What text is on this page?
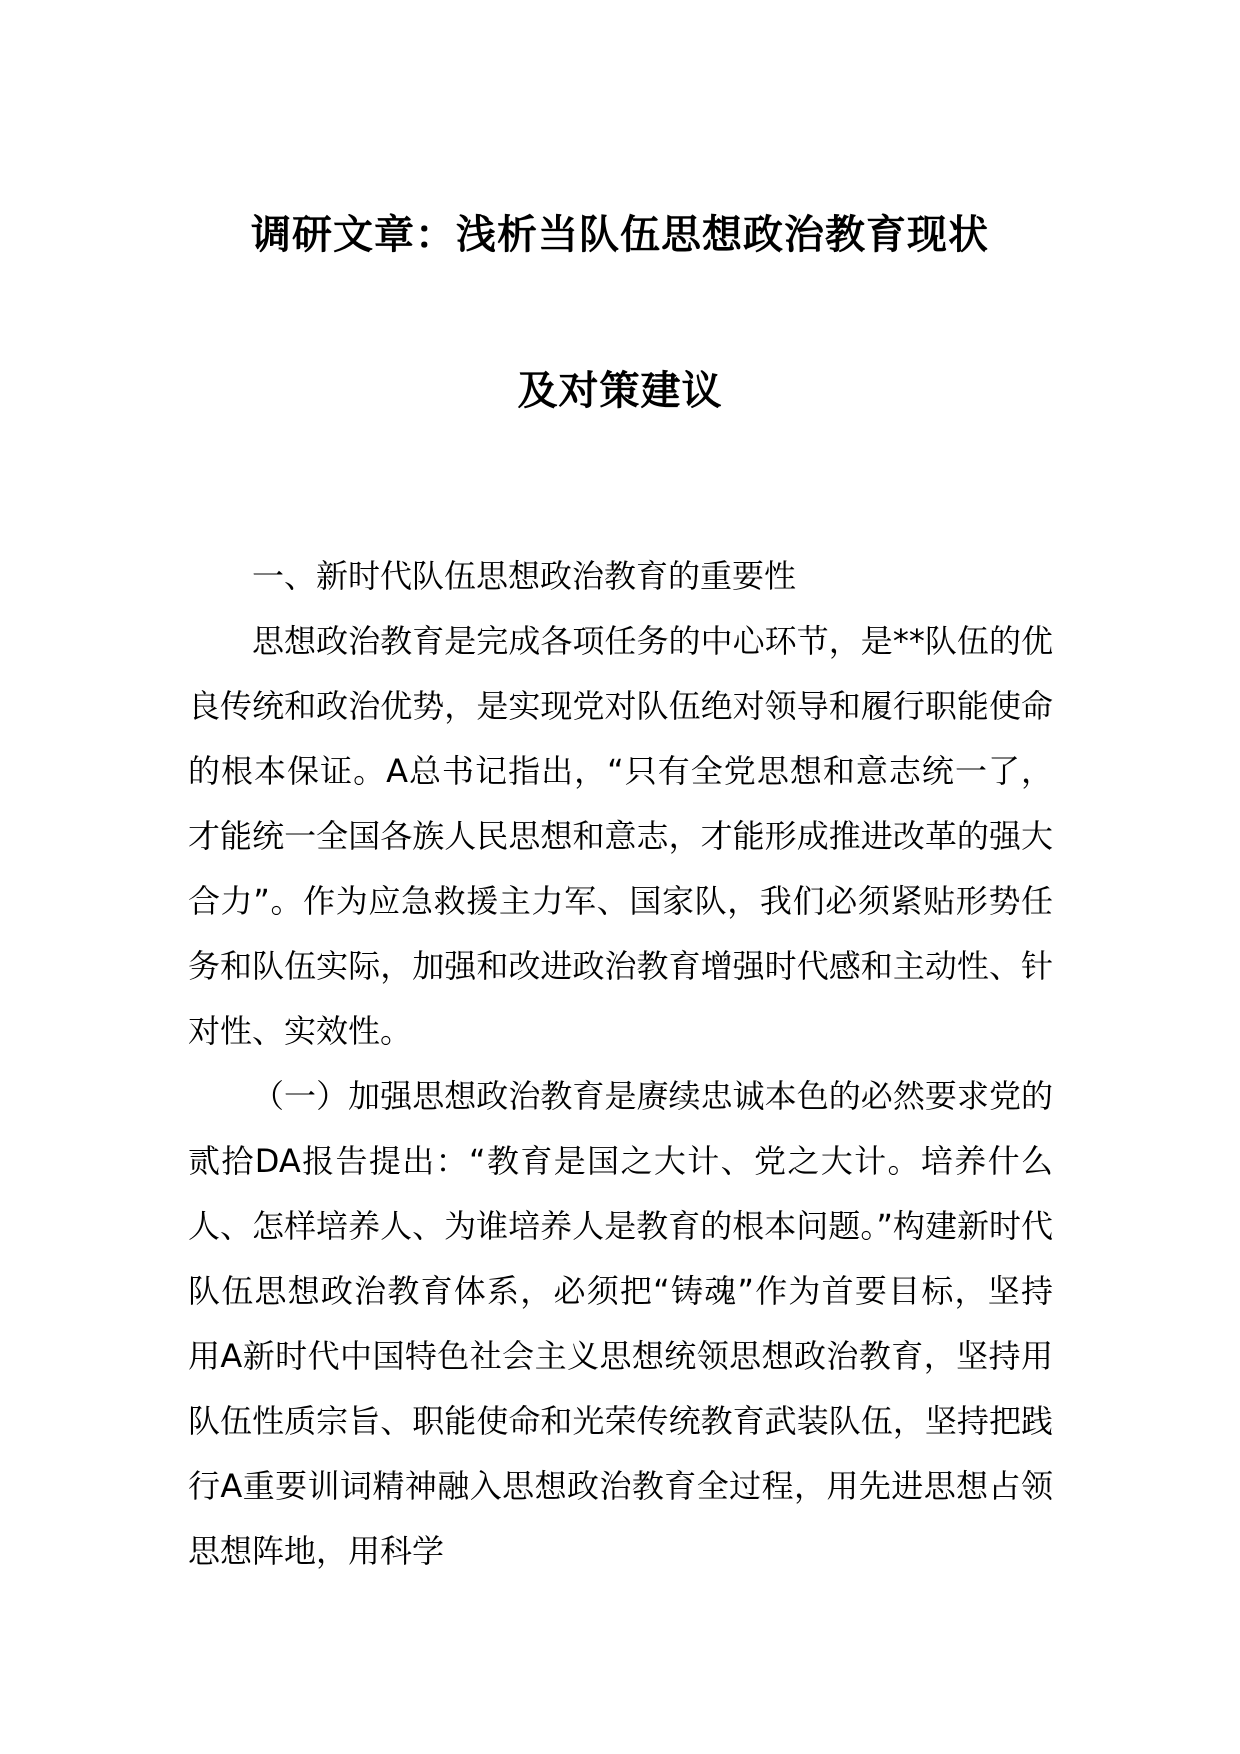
调研文章：浅析当队伍思想政治教育现状
及对策建议

一、新时代队伍思想政治教育的重要性

思想政治教育是完成各项任务的中心环节，是**队伍的优良传统和政治优势，是实现党对队伍绝对领导和履行职能使命的根本保证。A总书记指出，“只有全党思想和意志统一了，才能统一全国各族人民思想和意志，才能形成推进改革的强大合力”。作为应急救援主力军、国家队，我们必须紧贴形势任务和队伍实际，加强和改进政治教育增强时代感和主动性、针对性、实效性。

（一）加强思想政治教育是赓续忠诚本色的必然要求党的贰拾DA报告提出：“教育是国之大计、党之大计。培养什么人、怎样培养人、为谁培养人是教育的根本问题。”构建新时代队伍思想政治教育体系，必须把“铸魂”作为首要目标，坚持用A新时代中国特色社会主义思想统领思想政治教育，坚持用队伍性质宗旨、职能使命和光荣传统教育武装队伍，坚持把践行A重要训词精神融入思想政治教育全过程，用先进思想占领思想阵地，用科学
